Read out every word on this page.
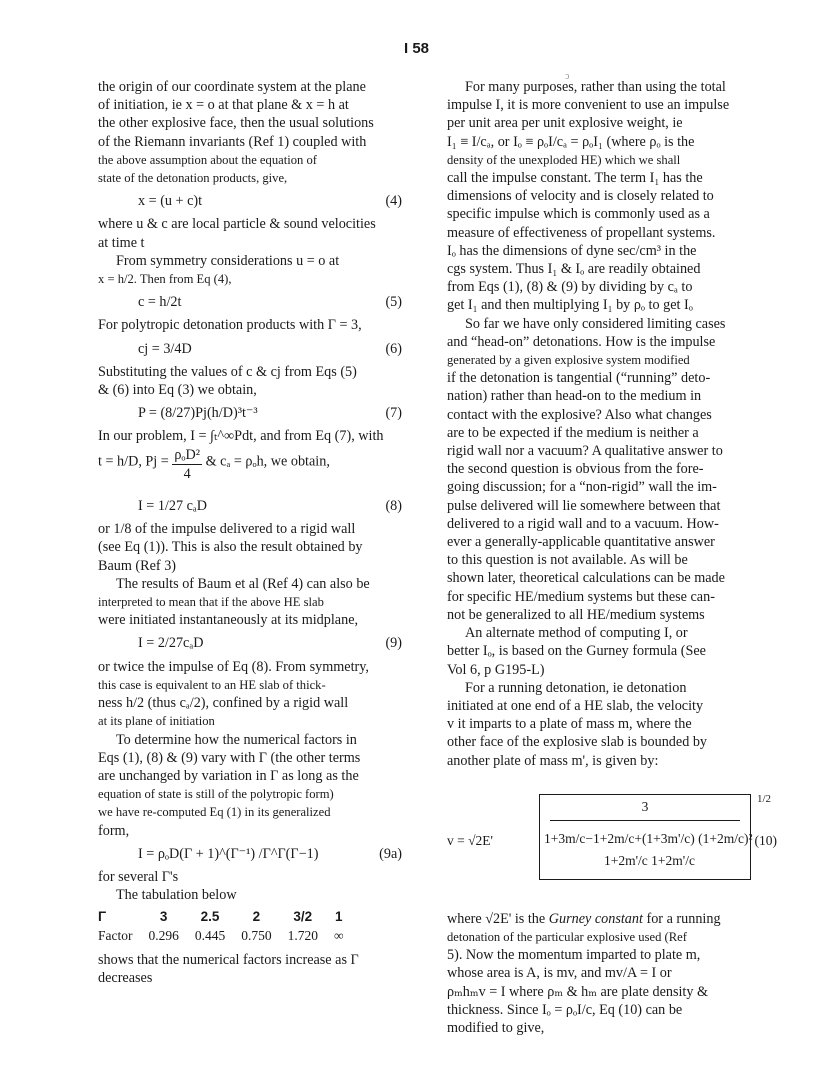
I 58

the origin of our coordinate system at the plane
of initiation, ie x = o at that plane & x = h at
the other explosive face, then the usual solutions
of the Riemann invariants (Ref 1) coupled with
the above assumption about the equation of
state of the detonation products, give,

x = (u + c)t	(4)

where u & c are local particle & sound velocities
at time t

From symmetry considerations u = o at
x = h/2. Then from Eq (4),

c = h/2t	(5)

For polytropic detonation products with Γ = 3,

cj = 3/4D	(6)

Substituting the values of c & cj from Eqs (5)
& (6) into Eq (3) we obtain,

P = (8/27)Pj(h/D)³t⁻³	(7)

In our problem, I = ∫ₜ^∞Pdt, and from Eq (7), with
t = h/D, $Pj = \frac{\text{ρₒD²}}{4}$ & cₐ = ρₒh, we obtain,

I = 1/27 cₐD	(8)

or 1/8 of the impulse delivered to a rigid wall
(see Eq (1)). This is also the result obtained by
Baum (Ref 3)

The results of Baum et al (Ref 4) can also be
interpreted to mean that if the above HE slab
were initiated instantaneously at its midplane,

I = 2/27cₐD	(9)

or twice the impulse of Eq (8). From symmetry,
this case is equivalent to an HE slab of thick-
ness h/2 (thus cₐ/2), confined by a rigid wall
at its plane of initiation

To determine how the numerical factors in
Eqs (1), (8) & (9) vary with Γ (the other terms
are unchanged by variation in Γ as long as the
equation of state is still of the polytropic form)
we have re-computed Eq (1) in its generalized
form,

I = ρₒD(Γ + 1)^(Γ⁻¹) /Γ^Γ(Γ−1)	(9a)

for several Γ's

The tabulation below

Γ	3	2.5	2	3/2	1
Factor	0.296	0.445	0.750	1.720	∞

shows that the numerical factors increase as Γ
decreases

ↄ

For many purposes, rather than using the total
impulse I, it is more convenient to use an impulse
per unit area per unit explosive weight, ie
I₁ ≡ I/cₐ, or Iₒ ≡ ρₒI/cₐ = ρₒI₁ (where ρₒ is the
density of the unexploded HE) which we shall
call the impulse constant. The term I₁ has the
dimensions of velocity and is closely related to
specific impulse which is commonly used as a
measure of effectiveness of propellant systems.
Iₒ has the dimensions of dyne sec/cm³ in the
cgs system. Thus I₁ & Iₒ are readily obtained
from Eqs (1), (8) & (9) by dividing by cₐ to
get I₁ and then multiplying I₁ by ρₒ to get Iₒ

So far we have only considered limiting cases
and “head-on” detonations. How is the impulse
generated by a given explosive system modified
if the detonation is tangential (“running” deto-
nation) rather than head-on to the medium in
contact with the explosive? Also what changes
are to be expected if the medium is neither a
rigid wall nor a vacuum? A qualitative answer to
the second question is obvious from the fore-
going discussion; for a “non-rigid” wall the im-
pulse delivered will lie somewhere between that
delivered to a rigid wall and to a vacuum. How-
ever a generally-applicable quantitative answer
to this question is not available. As will be
shown later, theoretical calculations can be made
for specific HE/medium systems but these can-
not be generalized to all HE/medium systems

An alternate method of computing I, or
better Iₒ, is based on the Gurney formula (See
Vol 6, p G195-L)

For a running detonation, ie detonation
initiated at one end of a HE slab, the velocity
v it imparts to a plate of mass m, where the
other face of the explosive slab is bounded by
another plate of mass m', is given by:

v = √2E'
3
1+3m/c−1+2m/c+(1+3m'/c) (1+2m/c)²
1+2m'/c 1+2m'/c
1/2
(10)

where √2E' is the Gurney constant for a running
detonation of the particular explosive used (Ref
5). Now the momentum imparted to plate m,
whose area is A, is mv, and mv/A = I or
ρₘhₘv = I where ρₘ & hₘ are plate density &
thickness. Since Iₒ = ρₒI/c, Eq (10) can be
modified to give,
